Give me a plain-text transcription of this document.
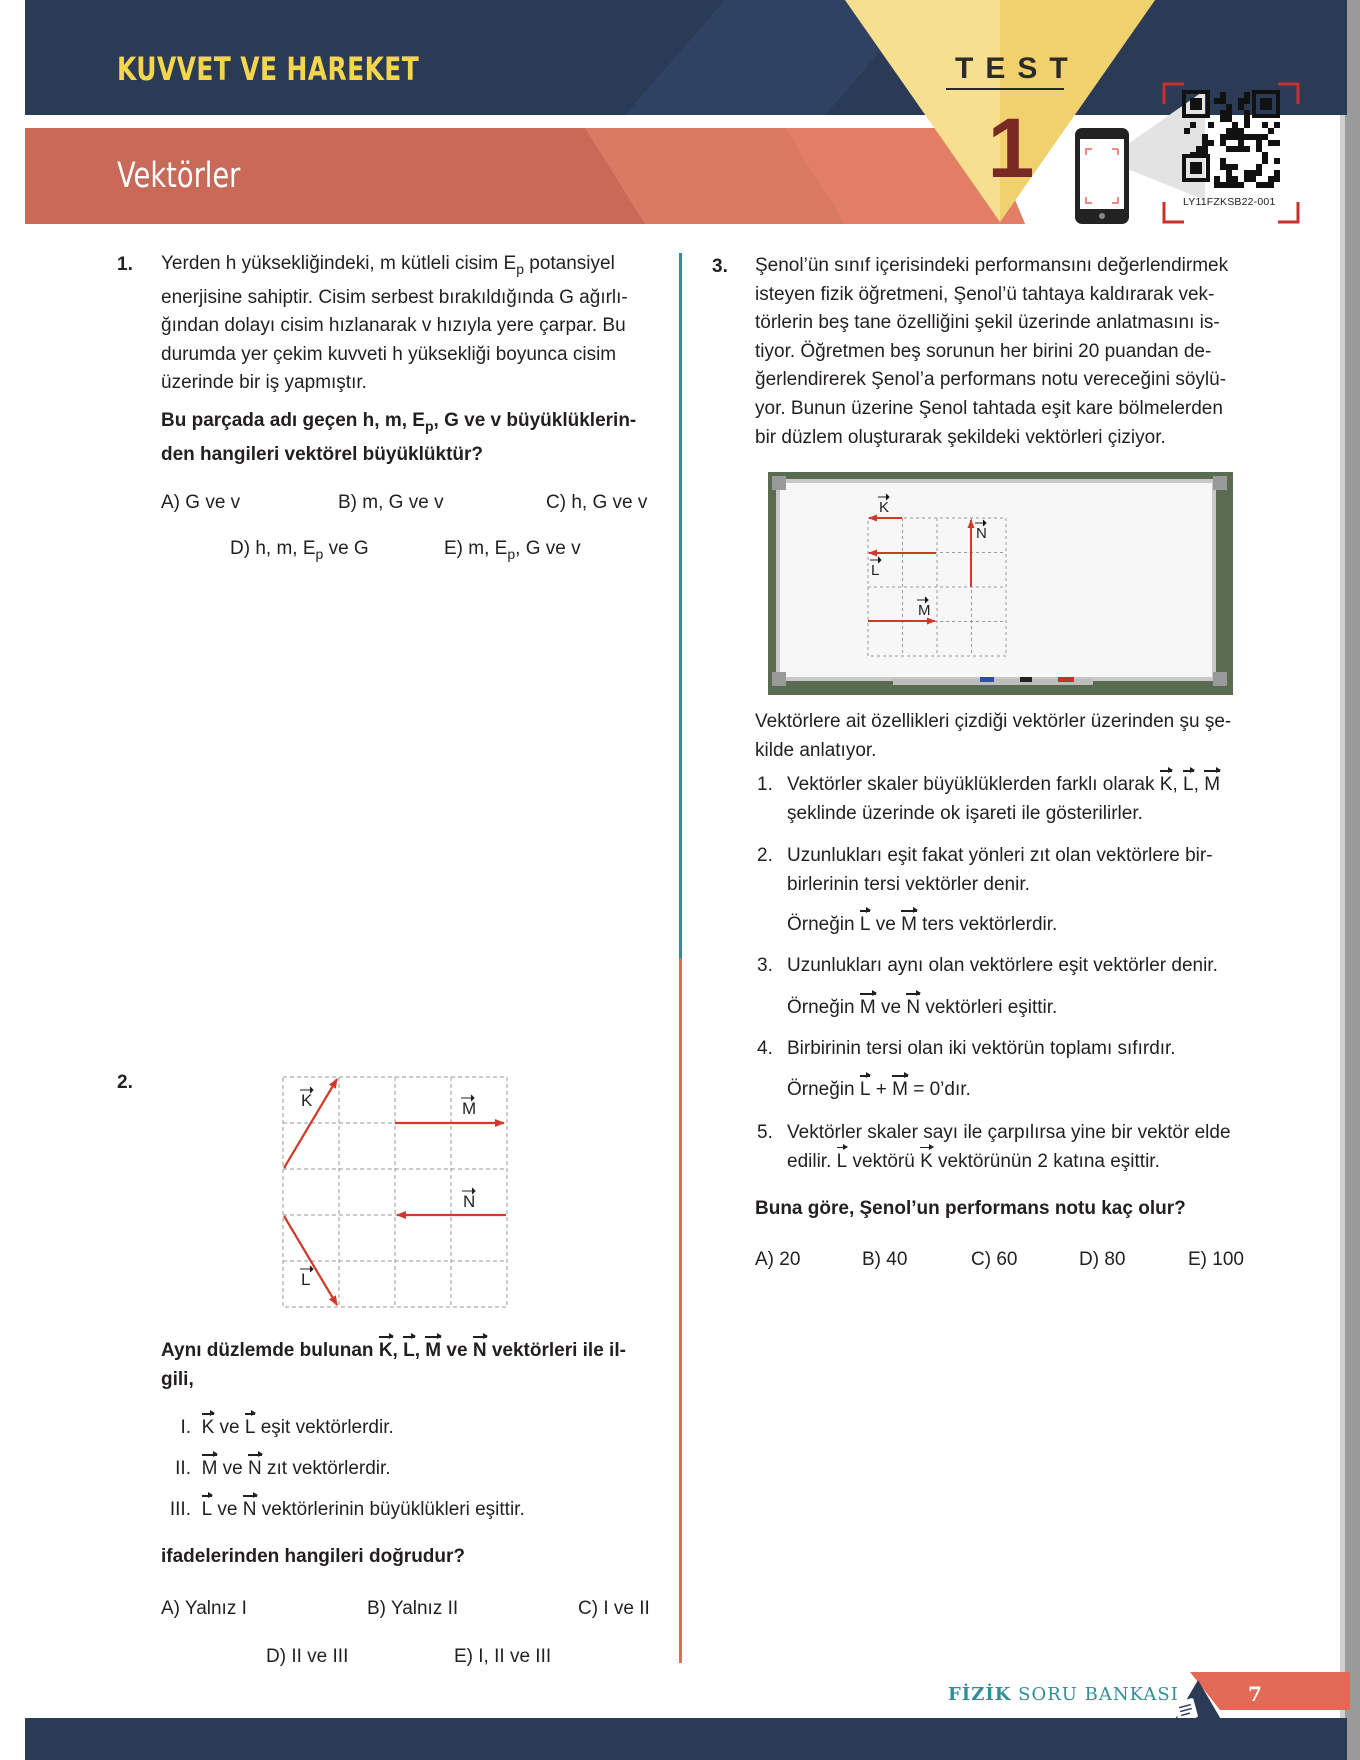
KUVVET VE HAREKET
Vektörler
TEST
1
LY11FZKSB22-001
1. Yerden h yüksekliğindeki, m kütleli cisim $E_p$ potansiyel
enerjisine sahiptir. Cisim serbest bırakıldığında G ağırlı-
ğından dolayı cisim hızlanarak v hızıyla yere çarpar. Bu
durumda yer çekim kuvveti h yüksekliği boyunca cisim
üzerinde bir iş yapmıştır.
Bu parçada adı geçen h, m, $E_p$, G ve v büyüklüklerin-
den hangileri vektörel büyüklüktür?
A) G ve v	B) m, G ve v	C) h, G ve v
D) h, m, $E_p$ ve G	E) m, $E_p$, G ve v
2.
K	M
N
L
Aynı düzlemde bulunan K, L, M ve N vektörleri ile il-
gili,
I. K ve L eşit vektörlerdir.
II. M ve N zıt vektörlerdir.
III. L ve N vektörlerinin büyüklükleri eşittir.
ifadelerinden hangileri doğrudur?
A) Yalnız I	B) Yalnız II	C) I ve II
D) II ve III	E) I, II ve III
3. Şenol’ün sınıf içerisindeki performansını değerlendirmek
isteyen fizik öğretmeni, Şenol’ü tahtaya kaldırarak vek-
törlerin beş tane özelliğini şekil üzerinde anlatmasını is-
tiyor. Öğretmen beş sorunun her birini 20 puandan de-
ğerlendirerek Şenol’a performans notu vereceğini söylü-
yor. Bunun üzerine Şenol tahtada eşit kare bölmelerden
bir düzlem oluşturarak şekildeki vektörleri çiziyor.
K
L
N
M
Vektörlere ait özellikleri çizdiği vektörler üzerinden şu şe-
kilde anlatıyor.
1. Vektörler skaler büyüklüklerden farklı olarak K, L, M
şeklinde üzerinde ok işareti ile gösterilirler.
2. Uzunlukları eşit fakat yönleri zıt olan vektörlere bir-
birlerinin tersi vektörler denir.
Örneğin L ve M ters vektörlerdir.
3. Uzunlukları aynı olan vektörlere eşit vektörler denir.
Örneğin M ve N vektörleri eşittir.
4. Birbirinin tersi olan iki vektörün toplamı sıfırdır.
Örneğin L + M = 0’dır.
5. Vektörler skaler sayı ile çarpılırsa yine bir vektör elde
edilir. L vektörü K vektörünün 2 katına eşittir.
Buna göre, Şenol’un performans notu kaç olur?
A) 20	B) 40	C) 60	D) 80	E) 100
FİZİK SORU BANKASI	7
